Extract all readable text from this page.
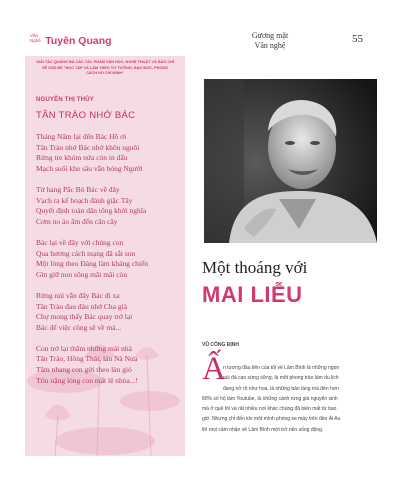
Văn
Nghệ Tuyên Quang	Gương mặt
Văn nghệ
55
GIẢI TÁC QUẢNG BÁ CÁC TÁC PHẨM VĂN HỌC, NGHỆ THUẬT VÀ BÁO CHÍ
VỀ CHỦ ĐỀ "HỌC TẬP VÀ LÀM THEO TƯ TƯỞNG, ĐẠO ĐỨC, PHONG CÁCH HỒ CHÍ MINH"
NGUYỄN THỊ THỦY
TÂN TRÀO NHỚ BÁC
Tháng Năm lại đến Bác Hồ ơi
Tân Trào nhớ Bác nhớ khôn nguôi
Rừng tre khóm nứa còn in dấu
Mạch suối khe sâu vẫn bóng Người
Từ hang Pắc Bó Bác về đây
Vạch ra kế hoạch đánh giặc Tây
Quyết định toàn dân tổng khởi nghĩa
Cơm no áo ấm đến căn cây
Bác lại về đây với chúng con
Qua hương cách mạng đã sắt son
Một lòng theo Đảng làm kháng chiến
Gìn giữ non sông mãi mãi còn
Rừng núi vẫn đây Bác đi xa
Tân Trào đau đáu nhớ Cha già
Chợ mong thấy Bác quay trở lại
Bác để việc công sẽ về mà...
Con trở lại thăm những mái nhà
Tân Trào, Hồng Thái, lán Nà Nưa
Tâm nhang con gửi theo làn gió
Trìu nặng lòng con mất lệ nhòa...!
Một thoáng với
MAI LIỄU
VŨ CÔNG ĐỊNH
Ấ
n tượng đầu tiên của tôi về Lâm Bình là những ngọn
núi đá cao sừng sững, là một phong trào làm du lịch
đang nở rộ như hoa, là những bản làng mà đến hơn
80% số hộ làm Youtube, là những cánh rừng già nguyên sinh
mà ở quê tôi và rất nhiều nơi khác chúng đã biến mất từ bao
giờ. Nhưng chỉ đến khi một mình phóng xe máy trên đèo Ái Au
thì mọi cảm nhận về Lâm Bình mới trở nên sống động.
